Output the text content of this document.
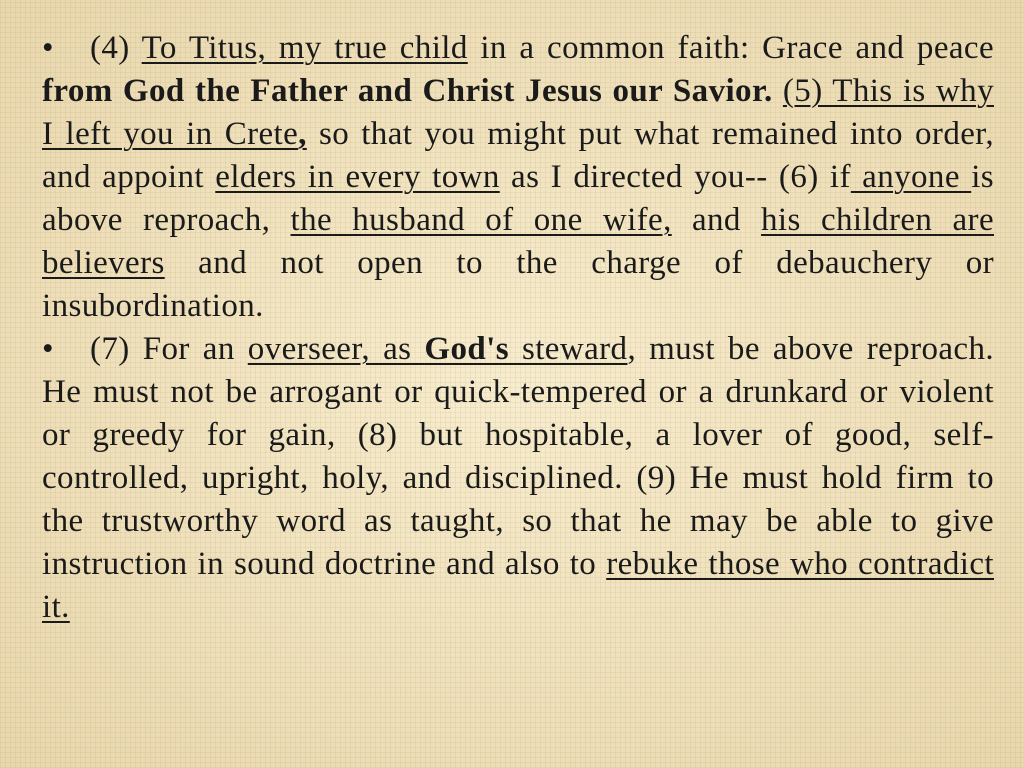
• (4) To Titus, my true child in a common faith: Grace and peace from God the Father and Christ Jesus our Savior. (5) This is why I left you in Crete, so that you might put what remained into order, and appoint elders in every town as I directed you-- (6) if anyone is above reproach, the husband of one wife, and his children are believers and not open to the charge of debauchery or insubordination.

• (7) For an overseer, as God's steward, must be above reproach. He must not be arrogant or quick-tempered or a drunkard or violent or greedy for gain, (8) but hospitable, a lover of good, self-controlled, upright, holy, and disciplined. (9) He must hold firm to the trustworthy word as taught, so that he may be able to give instruction in sound doctrine and also to rebuke those who contradict it.
